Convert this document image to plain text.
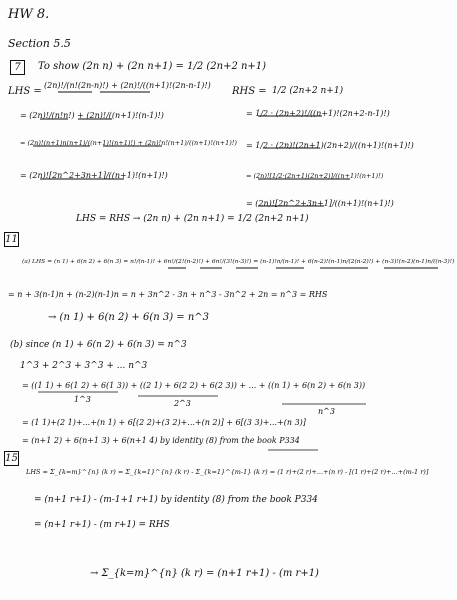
HW 8.
Section 5.5
7	To show (2n n) + (2n n+1) = 1/2 (2n+2 n+1)
LHS =
(2n)!/(n!(2n-n)!) + (2n)!/((n+1)!(2n-n-1)!)
= (2n)!/(n!n!) + (2n)!/((n+1)!(n-1)!)
= (2n)!(n+1)n(n+1)/((n+1)!(n+1)!) + (2n)!n!(n+1)/((n+1)!(n+1)!)
= (2n)![2n^2+3n+1]/((n+1)!(n+1)!)
RHS = 1/2 (2n+2 n+1)
= 1/2 · (2n+2)!/((n+1)!(2n+2-n-1)!)
= 1/2 · (2n)!(2n+1)(2n+2)/((n+1)!(n+1)!)
= (2n)![1/2·(2n+1)(2n+2)]/((n+1)!(n+1)!)
= (2n)![2n^2+3n+1]/((n+1)!(n+1)!)
LHS = RHS → (2n n) + (2n n+1) = 1/2 (2n+2 n+1)
11
(a) LHS = (n 1) + 6(n 2) + 6(n 3) = n!/(n-1)! + 6n!/(2!(n-2)!) + 6n!/(3!(n-3)!) = (n-1)!n/(n-1)! + 6(n-2)!(n-1)n/(2(n-2)!) + (n-3)!(n-2)(n-1)n/((n-3)!)
= n + 3(n-1)n + (n-2)(n-1)n = n + 3n^2 - 3n + n^3 - 3n^2 + 2n = n^3 = RHS
→ (n 1) + 6(n 2) + 6(n 3) = n^3
(b) since (n 1) + 6(n 2) + 6(n 3) = n^3
1^3 + 2^3 + 3^3 + ... n^3
= ((1 1) + 6(1 2) + 6(1 3)) + ((2 1) + 6(2 2) + 6(2 3)) + ... + ((n 1) + 6(n 2) + 6(n 3))
1^3	2^3
n^3
= (1 1)+(2 1)+...+(n 1) + 6[(2 2)+(3 2)+...+(n 2)] + 6[(3 3)+...+(n 3)]
= (n+1 2) + 6(n+1 3) + 6(n+1 4) by identity (8) from the book P334
15
LHS = Σ_{k=m}^{n} (k r) = Σ_{k=1}^{n} (k r) - Σ_{k=1}^{m-1} (k r) = (1 r)+(2 r)+...+(n r) - [(1 r)+(2 r)+...+(m-1 r)]
= (n+1 r+1) - (m-1+1 r+1) by identity (8) from the book P334
= (n+1 r+1) - (m r+1) = RHS
→ Σ_{k=m}^{n} (k r) = (n+1 r+1) - (m r+1)
